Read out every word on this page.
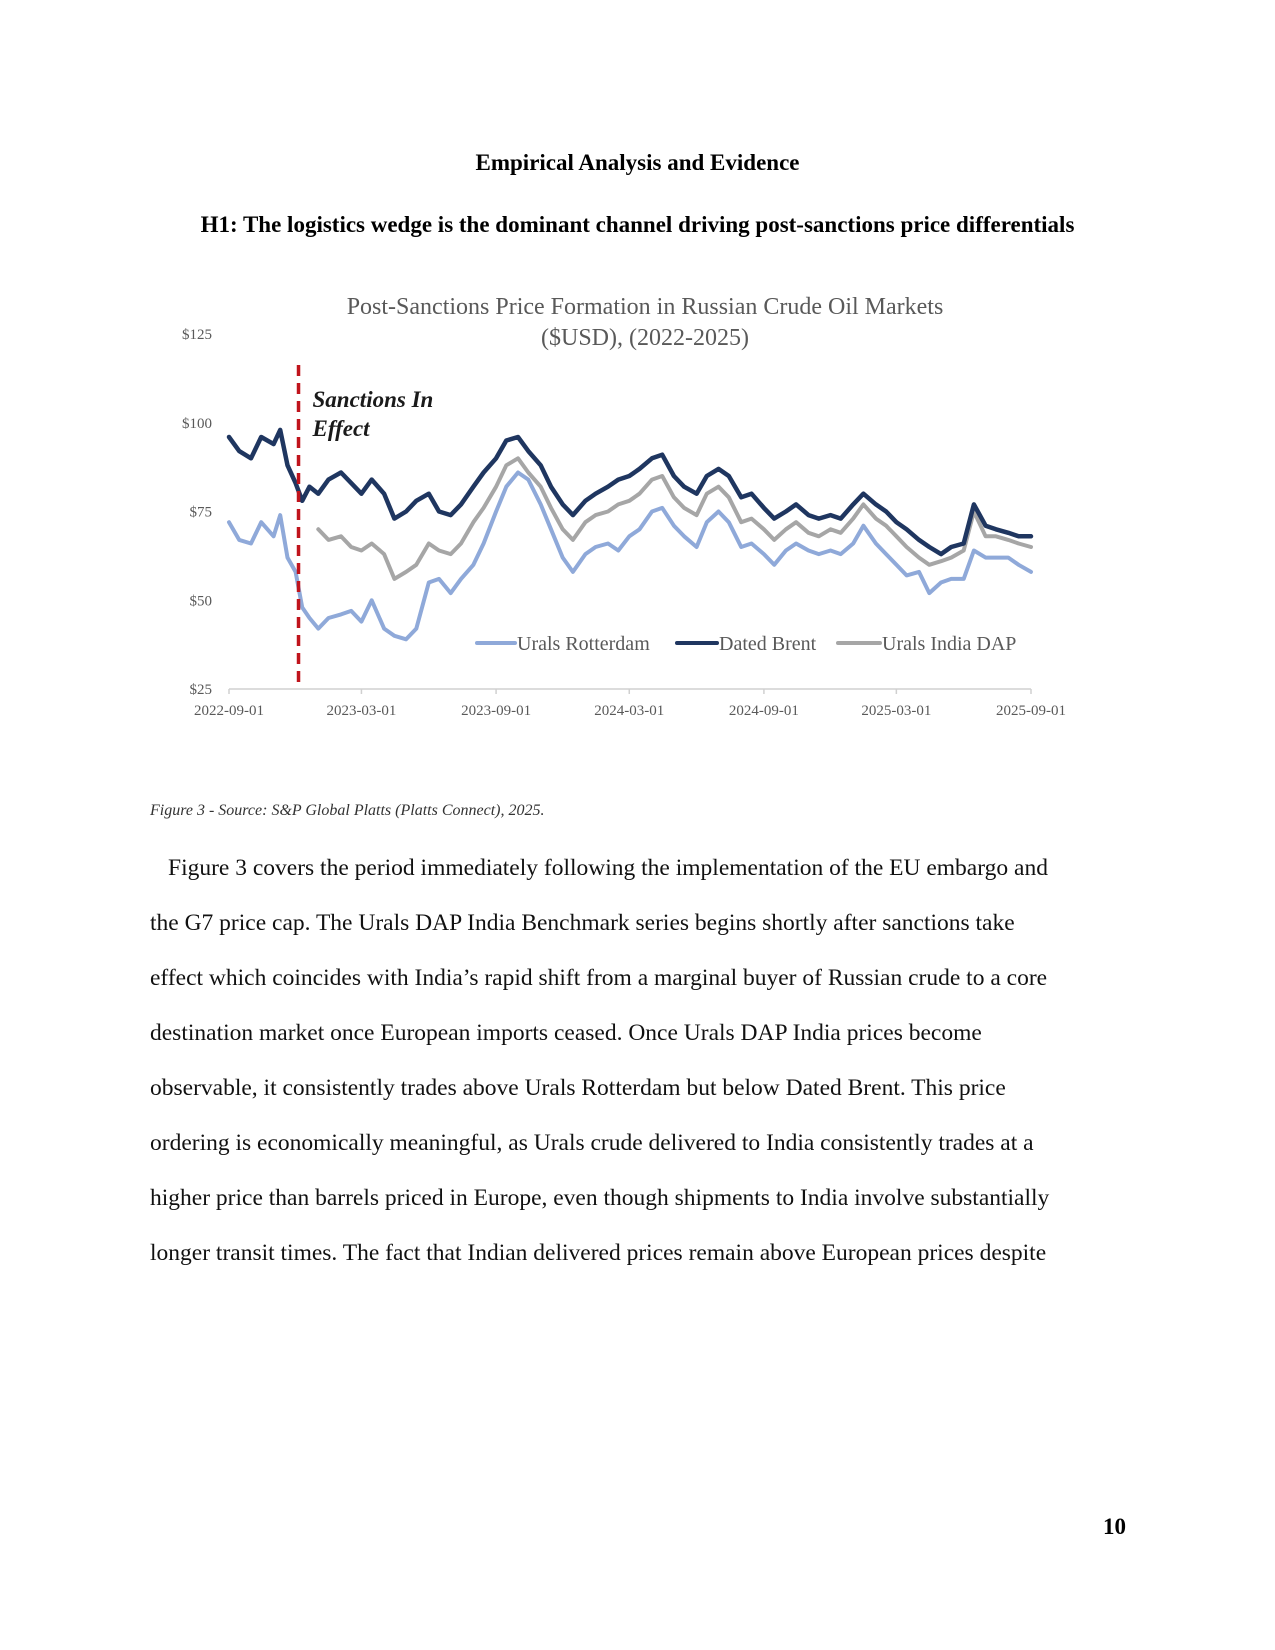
Empirical Analysis and Evidence
H1: The logistics wedge is the dominant channel driving post-sanctions price differentials
Post-Sanctions Price Formation in Russian Crude Oil Markets
($USD), (2022-2025)
$25
$50
$75
$100
$125
2022-09-01	2023-03-01	2023-09-01	2024-03-01	2024-09-01	2025-03-01	2025-09-01
Sanctions In
Effect
Urals Rotterdam	Dated Brent	Urals India DAP
Figure 3 - Source: S&P Global Platts (Platts Connect), 2025.
Figure 3 covers the period immediately following the implementation of the EU embargo and
the G7 price cap. The Urals DAP India Benchmark series begins shortly after sanctions take
effect which coincides with India’s rapid shift from a marginal buyer of Russian crude to a core
destination market once European imports ceased. Once Urals DAP India prices become
observable, it consistently trades above Urals Rotterdam but below Dated Brent. This price
ordering is economically meaningful, as Urals crude delivered to India consistently trades at a
higher price than barrels priced in Europe, even though shipments to India involve substantially
longer transit times. The fact that Indian delivered prices remain above European prices despite
10
